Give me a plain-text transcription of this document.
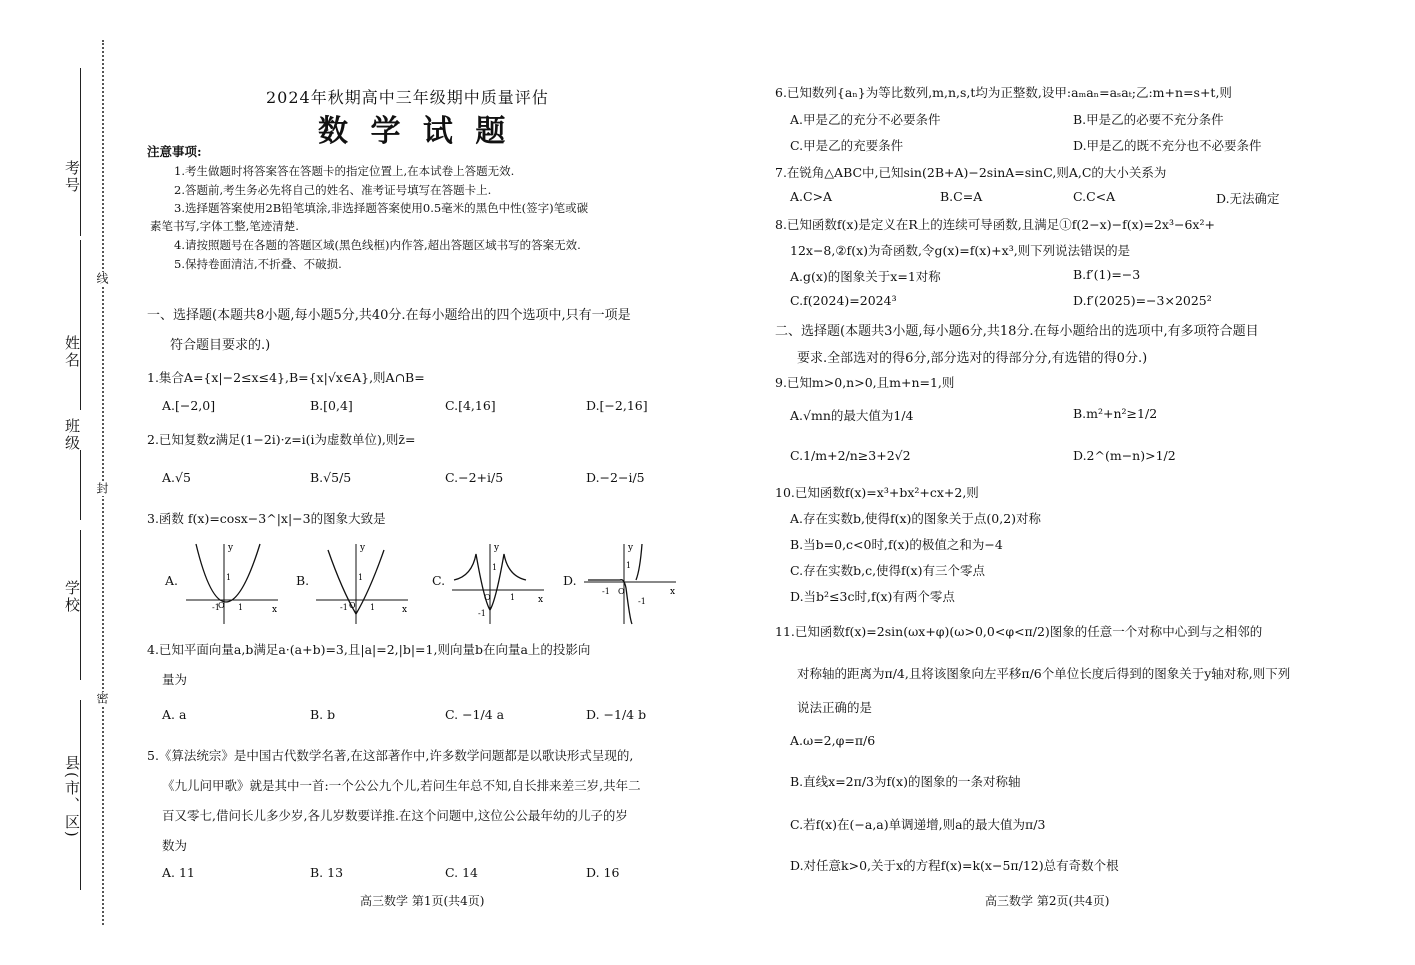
考号
姓名
班级
学校
县(市、区)
线
封
密
2024年秋期高中三年级期中质量评估
数 学 试 题
注意事项:
1.考生做题时将答案答在答题卡的指定位置上,在本试卷上答题无效.
2.答题前,考生务必先将自己的姓名、准考证号填写在答题卡上.
3.选择题答案使用2B铅笔填涂,非选择题答案使用0.5毫米的黑色中性(签字)笔或碳
素笔书写,字体工整,笔迹清楚.
4.请按照题号在各题的答题区域(黑色线框)内作答,超出答题区域书写的答案无效.
5.保持卷面清洁,不折叠、不破损.
一、选择题(本题共8小题,每小题5分,共40分.在每小题给出的四个选项中,只有一项是
符合题目要求的.)
1.集合A={x|−2≤x≤4},B={x|√x∈A},则A∩B=
A.[−2,0]	B.[0,4]	C.[4,16]	D.[−2,16]
2.已知复数z满足(1−2i)·z=i(i为虚数单位),则z̄=
A.√5	B.√5/5	C.−2+i/5	D.−2−i/5
3.函数 f(x)=cosx−3^|x|−3的图象大致是
A.	B.	C.	D.
y
x
1
-1
O 1
y
x
1
-1 O 1
y
x
1
-1
O 1
y
x
1
-1 O
-1
4.已知平面向量a,b满足a·(a+b)=3,且|a|=2,|b|=1,则向量b在向量a上的投影向
量为
A. a	B. b	C. −1/4 a	D. −1/4 b
5.《算法统宗》是中国古代数学名著,在这部著作中,许多数学问题都是以歌诀形式呈现的,
《九儿问甲歌》就是其中一首:一个公公九个儿,若问生年总不知,自长排来差三岁,共年二
百又零七,借问长儿多少岁,各儿岁数要详推.在这个问题中,这位公公最年幼的儿子的岁
数为
A. 11	B. 13	C. 14	D. 16
高三数学 第1页(共4页)
6.已知数列{aₙ}为等比数列,m,n,s,t均为正整数,设甲:aₘaₙ=aₛaₜ;乙:m+n=s+t,则
A.甲是乙的充分不必要条件	B.甲是乙的必要不充分条件
C.甲是乙的充要条件	D.甲是乙的既不充分也不必要条件
7.在锐角△ABC中,已知sin(2B+A)−2sinA=sinC,则A,C的大小关系为
A.C>A	B.C=A	C.C<A	D.无法确定
8.已知函数f(x)是定义在R上的连续可导函数,且满足①f(2−x)−f(x)=2x³−6x²+
12x−8,②f(x)为奇函数,令g(x)=f(x)+x³,则下列说法错误的是
A.g(x)的图象关于x=1对称	B.f′(1)=−3
C.f(2024)=2024³	D.f′(2025)=−3×2025²
二、选择题(本题共3小题,每小题6分,共18分.在每小题给出的选项中,有多项符合题目
要求.全部选对的得6分,部分选对的得部分分,有选错的得0分.)
9.已知m>0,n>0,且m+n=1,则
A.√mn的最大值为1/4	B.m²+n²≥1/2
C.1/m+2/n≥3+2√2	D.2^(m−n)>1/2
10.已知函数f(x)=x³+bx²+cx+2,则
A.存在实数b,使得f(x)的图象关于点(0,2)对称
B.当b=0,c<0时,f(x)的极值之和为−4
C.存在实数b,c,使得f(x)有三个零点
D.当b²≤3c时,f(x)有两个零点
11.已知函数f(x)=2sin(ωx+φ)(ω>0,0<φ<π/2)图象的任意一个对称中心到与之相邻的
对称轴的距离为π/4,且将该图象向左平移π/6个单位长度后得到的图象关于y轴对称,则下列
说法正确的是
A.ω=2,φ=π/6
B.直线x=2π/3为f(x)的图象的一条对称轴
C.若f(x)在(−a,a)单调递增,则a的最大值为π/3
D.对任意k>0,关于x的方程f(x)=k(x−5π/12)总有奇数个根
高三数学 第2页(共4页)
